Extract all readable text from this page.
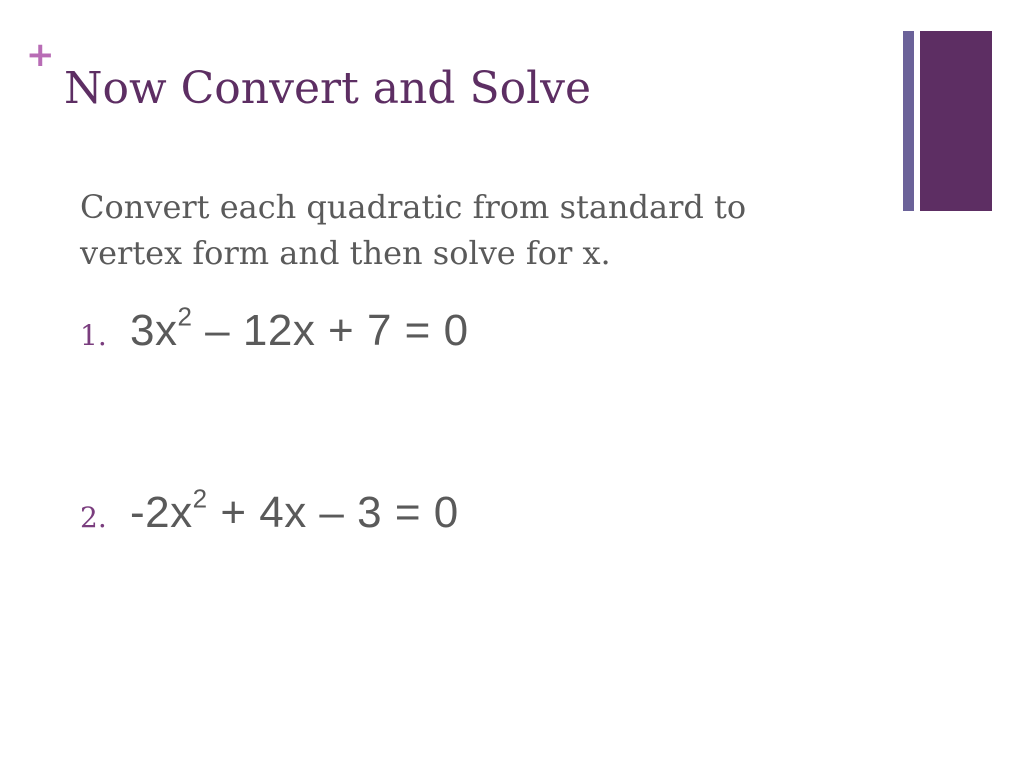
+
Now Convert and Solve

Convert each quadratic from standard to
vertex form and then solve for x.

1. $3x^2 - 12x + 7 = 0$
2. $-2x^2 + 4x - 3 = 0$
